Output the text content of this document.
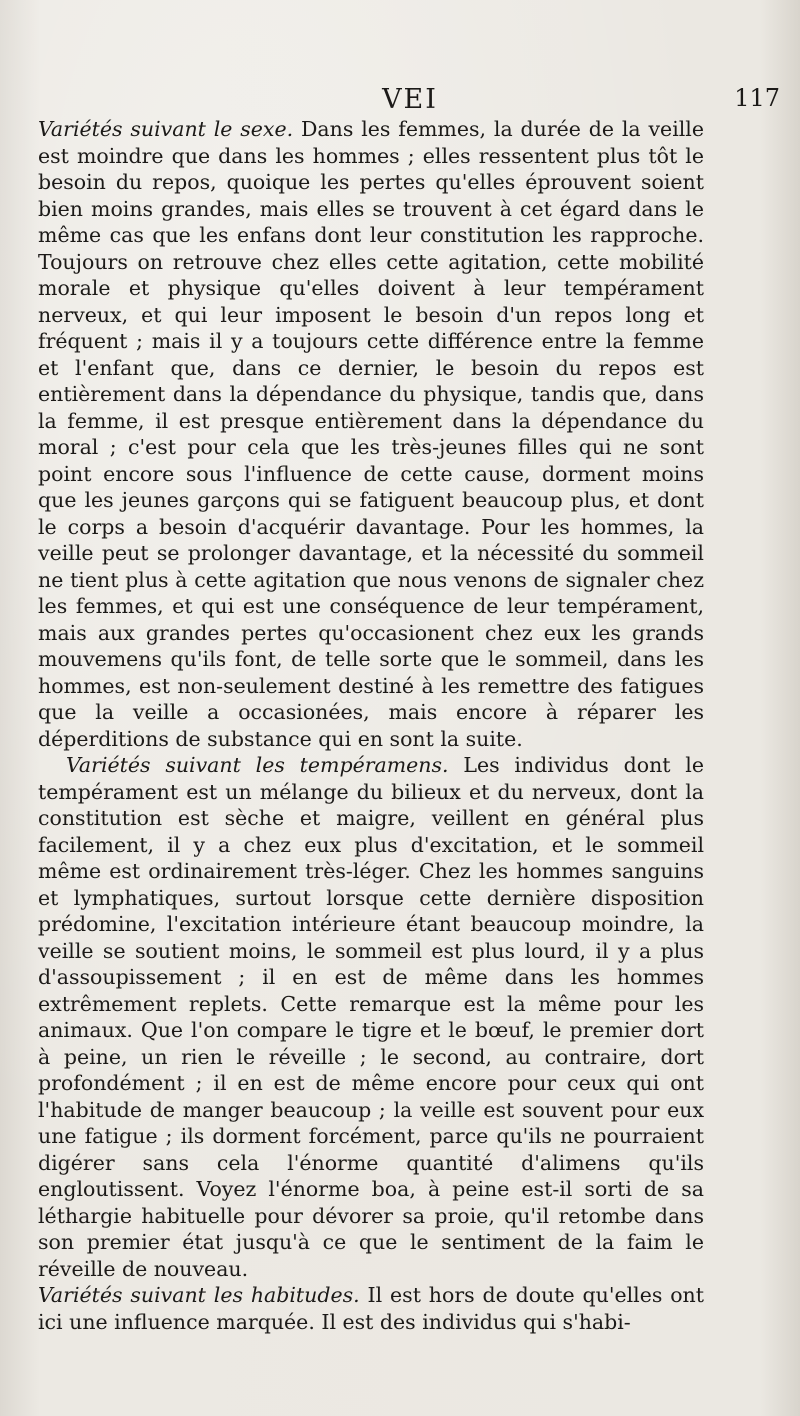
VEI	117

Variétés suivant le sexe. Dans les femmes, la durée de la veille est moindre que dans les hommes ; elles ressentent plus tôt le besoin du repos, quoique les pertes qu'elles éprouvent soient bien moins grandes, mais elles se trouvent à cet égard dans le même cas que les enfans dont leur constitution les rapproche. Toujours on retrouve chez elles cette agitation, cette mobilité morale et physique qu'elles doivent à leur tempérament nerveux, et qui leur imposent le besoin d'un repos long et fréquent ; mais il y a toujours cette différence entre la femme et l'enfant que, dans ce dernier, le besoin du repos est entièrement dans la dépendance du physique, tandis que, dans la femme, il est presque entièrement dans la dépendance du moral ; c'est pour cela que les très-jeunes filles qui ne sont point encore sous l'influence de cette cause, dorment moins que les jeunes garçons qui se fatiguent beaucoup plus, et dont le corps a besoin d'acquérir davantage. Pour les hommes, la veille peut se prolonger davantage, et la nécessité du sommeil ne tient plus à cette agitation que nous venons de signaler chez les femmes, et qui est une conséquence de leur tempérament, mais aux grandes pertes qu'occasionent chez eux les grands mouvemens qu'ils font, de telle sorte que le sommeil, dans les hommes, est non-seulement destiné à les remettre des fatigues que la veille a occasionées, mais encore à réparer les déperditions de substance qui en sont la suite.

Variétés suivant les tempéramens. Les individus dont le tempérament est un mélange du bilieux et du nerveux, dont la constitution est sèche et maigre, veillent en général plus facilement, il y a chez eux plus d'excitation, et le sommeil même est ordinairement très-léger. Chez les hommes sanguins et lymphatiques, surtout lorsque cette dernière disposition prédomine, l'excitation intérieure étant beaucoup moindre, la veille se soutient moins, le sommeil est plus lourd, il y a plus d'assoupissement ; il en est de même dans les hommes extrêmement replets. Cette remarque est la même pour les animaux. Que l'on compare le tigre et le bœuf, le premier dort à peine, un rien le réveille ; le second, au contraire, dort profondément ; il en est de même encore pour ceux qui ont l'habitude de manger beaucoup ; la veille est souvent pour eux une fatigue ; ils dorment forcément, parce qu'ils ne pourraient digérer sans cela l'énorme quantité d'alimens qu'ils engloutissent. Voyez l'énorme boa, à peine est-il sorti de sa léthargie habituelle pour dévorer sa proie, qu'il retombe dans son premier état jusqu'à ce que le sentiment de la faim le réveille de nouveau.

Variétés suivant les habitudes. Il est hors de doute qu'elles ont ici une influence marquée. Il est des individus qui s'habi-
